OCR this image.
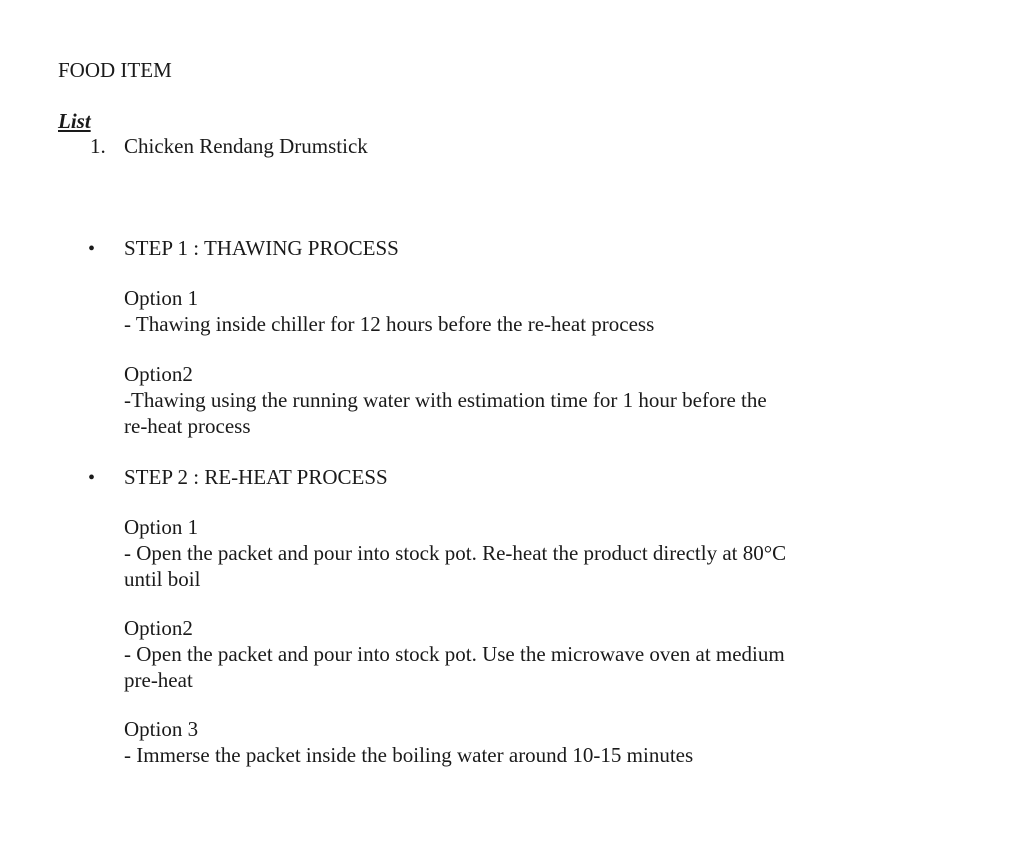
FOOD ITEM
List
1. Chicken Rendang Drumstick
• STEP 1 : THAWING PROCESS
Option 1
- Thawing inside chiller for 12 hours before the re-heat process
Option2
-Thawing using the running water with estimation time for 1 hour before the
re-heat process
• STEP 2 : RE-HEAT PROCESS
Option 1
- Open the packet and pour into stock pot. Re-heat the product directly at 80°C
until boil
Option2
- Open the packet and pour into stock pot. Use the microwave oven at medium
pre-heat
Option 3
- Immerse the packet inside the boiling water around 10-15 minutes
